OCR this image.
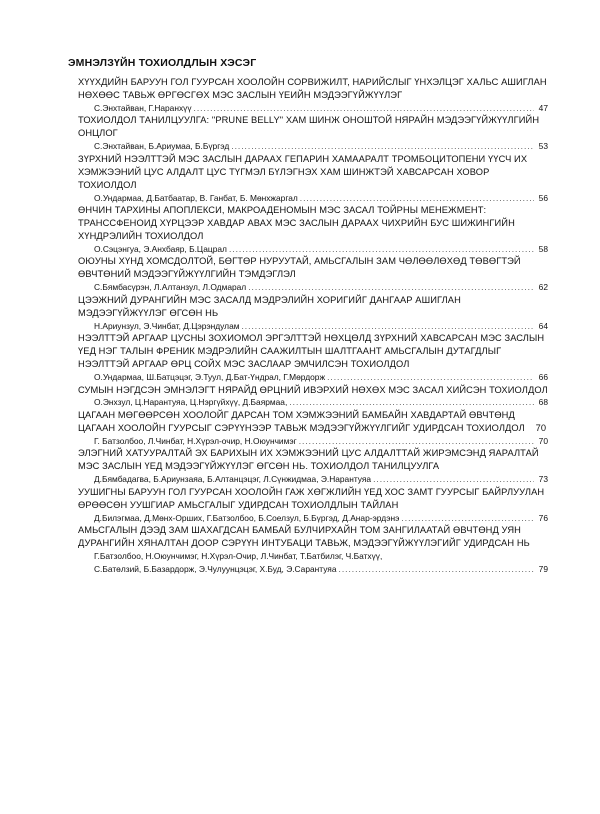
ЭМНЭЛЗҮЙН ТОХИОЛДЛЫН ХЭСЭГ

ХҮҮХДИЙН БАРУУН ГОЛ ГУУРСАН ХООЛОЙН СОРВИЖИЛТ, НАРИЙСЛЫГ ҮНХЭЛЦЭГ ХАЛЬС АШИГЛАН НӨХӨӨС ТАВЬЖ ӨРГӨСГӨХ МЭС ЗАСЛЫН ҮЕИЙН МЭДЭЭГҮЙЖҮҮЛЭГ

С.Энхтайван, Г.Наранхүү .....	47

ТОХИОЛДОЛ ТАНИЛЦУУЛГА: "PRUNE BELLY" ХАМ ШИНЖ ОНОШТОЙ НЯРАЙН МЭДЭЭГҮЙЖҮҮЛГИЙН ОНЦЛОГ

С.Энхтайван, Б.Ариумаа, Б.Бүргэд .....	53

ЗҮРХНИЙ НЭЭЛТТЭЙ МЭС ЗАСЛЫН ДАРААХ ГЕПАРИН ХАМААРАЛТ ТРОМБОЦИТОПЕНИ ҮҮСЧ ИХ ХЭМЖЭЭНИЙ ЦУС АЛДАЛТ ЦУС ТҮГМЭЛ БҮЛЭГНЭХ ХАМ ШИНЖТЭЙ ХАВСАРСАН ХОВОР ТОХИОЛДОЛ

О.Ундармаа, Д.Батбаатар, В. Ганбат, Б. Мөнхжаргал .....	56

ӨНЧИН ТАРХИНЫ АПОПЛЕКСИ, МАКРОАДЕНОМЫН МЭС ЗАСАЛ ТОЙРНЫ МЕНЕЖМЕНТ: ТРАНССФЕНОИД ХҮРЦЭЭР ХАВДАР АВАХ МЭС ЗАСЛЫН ДАРААХ ЧИХРИЙН БУС ШИЖИНГИЙН ХҮНДРЭЛИЙН ТОХИОЛДОЛ

О.Сэцэнгуа, Э.Анхбаяр, Б.Цацрал .....	58

ОЮУНЫ ХҮНД ХОМСДОЛТОЙ, БӨГТӨР НУРУУТАЙ, АМЬСГАЛЫН ЗАМ ЧӨЛӨӨЛӨХӨД ТӨВӨГТЭЙ ӨВЧТӨНИЙ МЭДЭЭГҮЙЖҮҮЛГИЙН ТЭМДЭГЛЭЛ

С.Бямбасүрэн, Л.Алтанзул, Л.Одмарал .....	62

ЦЭЭЖНИЙ ДУРАНГИЙН МЭС ЗАСАЛД МЭДРЭЛИЙН ХОРИГИЙГ ДАНГААР АШИГЛАН МЭДЭЭГҮЙЖҮҮЛЭГ ӨГСӨН НЬ

Н.Ариунзул, Э.Чинбат, Д.Цэрэндулам .....	64

НЭЭЛТТЭЙ АРГААР ЦУСНЫ ЗОХИОМОЛ ЭРГЭЛТТЭЙ НӨХЦӨЛД ЗҮРХНИЙ ХАВСАРСАН МЭС ЗАСЛЫН ҮЕД НЭГ ТАЛЫН ФРЕНИК МЭДРЭЛИЙН СААЖИЛТЫН ШАЛТГААНТ АМЬСГАЛЫН ДУТАГДЛЫГ НЭЭЛТТЭЙ АРГААР ӨРЦ СОЙХ МЭС ЗАСЛААР ЭМЧИЛСЭН ТОХИОЛДОЛ

О.Ундармаа, Ш.Батцэцэг, Э.Туул, Д.Бат-Үндрал, Г.Мөрдорж .....	66

СУМЫН НЭГДСЭН ЭМНЭЛЭГТ НЯРАЙД ӨРЦНИЙ ИВЭРХИЙ НӨХӨХ МЭС ЗАСАЛ ХИЙСЭН ТОХИОЛДОЛ

О.Энхзул, Ц.Нарантуяа, Ц.Нэргүйхүү, Д.Баярмаа, .....	68

ЦАГААН МӨГӨӨРСӨН ХООЛОЙГ ДАРСАН ТОМ ХЭМЖЭЭНИЙ БАМБАЙН ХАВДАРТАЙ ӨВЧТӨНД ЦАГААН ХООЛОЙН ГУУРСЫГ СЭРҮҮНЭЭР ТАВЬЖ МЭДЭЭГҮЙЖҮҮЛГИЙГ УДИРДСАН ТОХИОЛДОЛ 70

Г. Батзолбоо, Л.Чинбат, Н.Хүрэл-очир, Н.Оюунчимэг .....	70

ЭЛЭГНИЙ ХАТУУРАЛТАЙ ЭХ БАРИХЫН ИХ ХЭМЖЭЭНИЙ ЦУС АЛДАЛТТАЙ ЖИРЭМСЭНД ЯАРАЛТАЙ МЭС ЗАСЛЫН ҮЕД МЭДЭЭГҮЙЖҮҮЛЭГ ӨГСӨН НЬ. ТОХИОЛДОЛ ТАНИЛЦУУЛГА

Д.Бямбадагва, Б.Ариунзаяа, Б.Алтанцэцэг, Л.Сүнжидмаа, Э.Нарантуяа .....	73

УУШИГНЫ БАРУУН ГОЛ ГУУРСАН ХООЛОЙН ГАЖ ХӨГЖЛИЙН ҮЕД ХОС ЗАМТ ГУУРСЫГ БАЙРЛУУЛАН ӨРӨӨСӨН УУШГИАР АМЬСГАЛЫГ УДИРДСАН ТОХИОЛДЛЫН ТАЙЛАН

Д.Билэгмаа, Д.Мөнх-Орших, Г.Батзолбоо, Б.Соелзул, Б.Бүргэд, Д.Анар-эрдэнэ .....	76

АМЬСГАЛЫН ДЭЭД ЗАМ ШАХАГДСАН БАМБАЙ БУЛЧИРХАЙН ТОМ ЗАНГИЛААТАЙ ӨВЧТӨНД УЯН ДУРАНГИЙН ХЯНАЛТАН ДООР СЭРҮҮН ИНТУБАЦИ ТАВЬЖ, МЭДЭЭГҮЙЖҮҮЛЭГИЙГ УДИРДСАН НЬ

Г.Батзолбоо, Н.Оюунчимэг, Н.Хүрэл-Очир, Л.Чинбат, Т.Батбилэг, Ч.Батхүү,
С.Батөлзий, Б.Базардорж, Э.Чулуунцэцэг, Х.Буд, Э.Сарантуяа .....	79
